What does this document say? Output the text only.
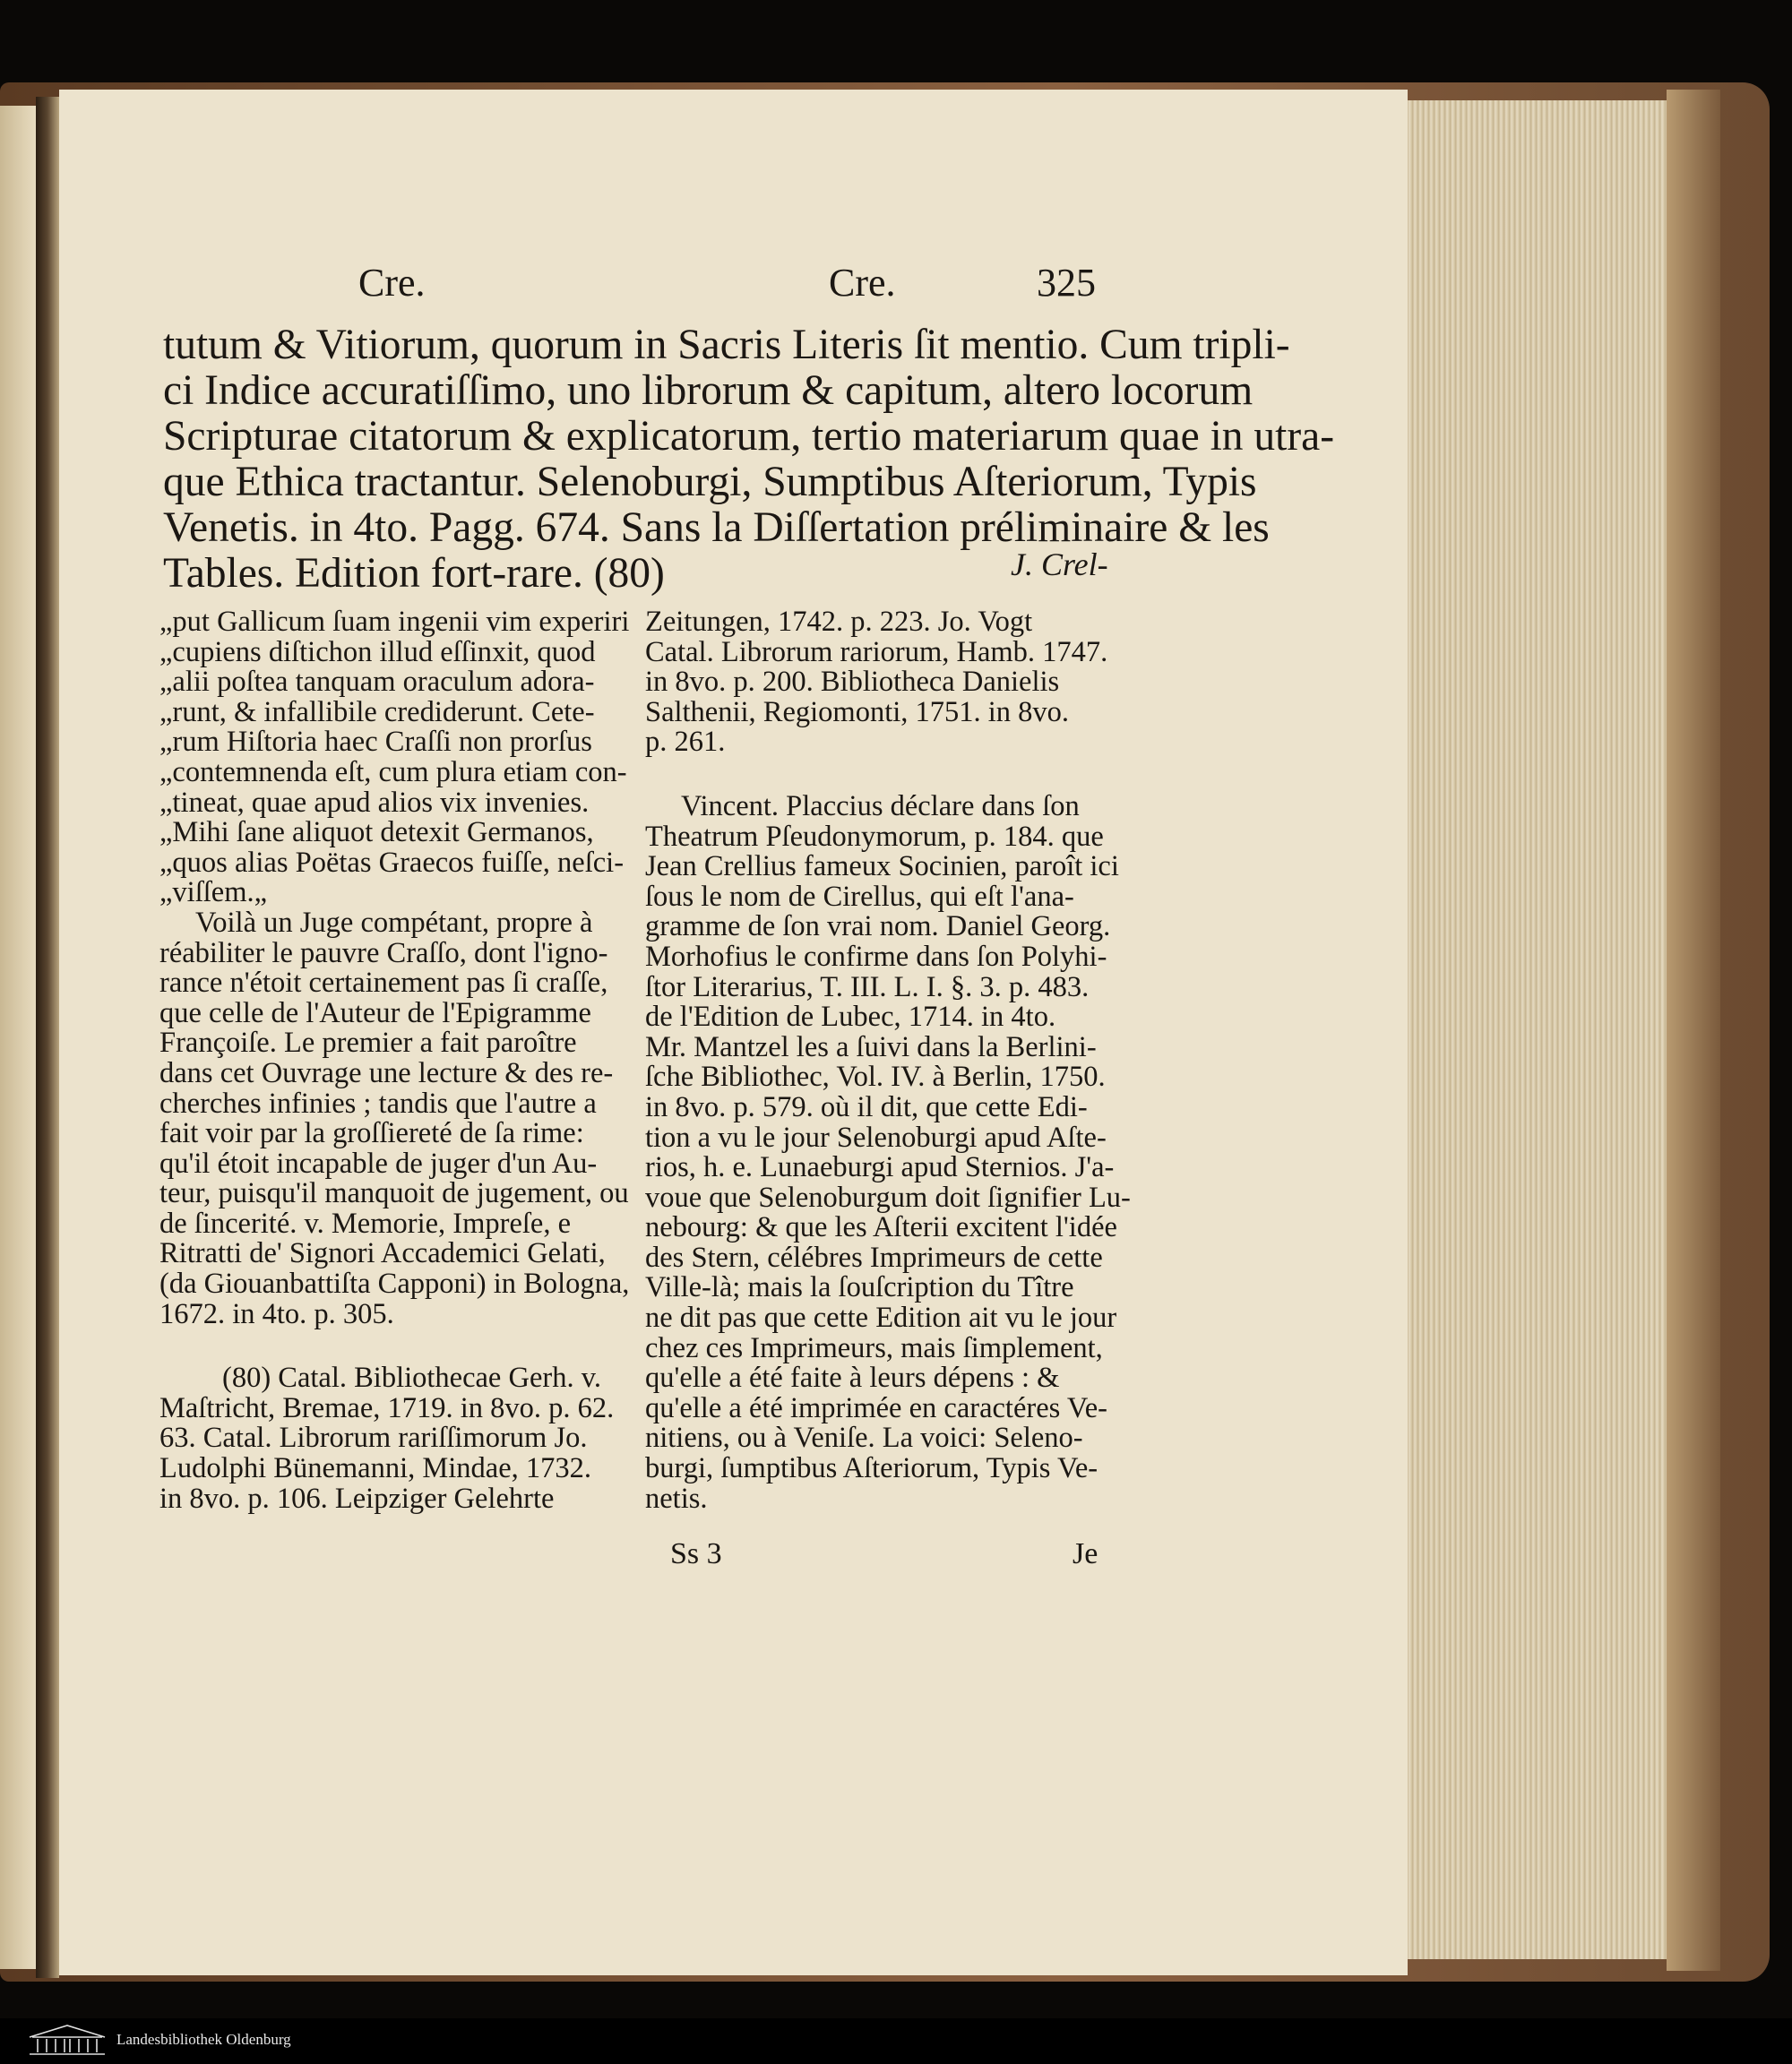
Cre.	Cre.	325
tutum & Vitiorum, quorum in Sacris Literis ſit mentio. Cum tripli-
ci Indice accuratiſſimo, uno librorum & capitum, altero locorum
Scripturae citatorum & explicatorum, tertio materiarum quae in utra-
que Ethica tractantur. Selenoburgi, Sumptibus Aſteriorum, Typis
Venetis. in 4to. Pagg. 674. Sans la Diſſertation préliminaire & les
Tables. Edition fort-rare. (80)	J. Crel-
„put Gallicum ſuam ingenii vim experiri
„cupiens diſtichon illud eſſinxit, quod
„alii poſtea tanquam oraculum adora-
„runt, & infallibile crediderunt. Cete-
„rum Hiſtoria haec Craſſi non prorſus
„contemnenda eſt, cum plura etiam con-
„tineat, quae apud alios vix invenies.
„Mihi ſane aliquot detexit Germanos,
„quos alias Poëtas Graecos fuiſſe, neſci-
„viſſem.„
Voilà un Juge compétant, propre à
réabiliter le pauvre Craſſo, dont l'igno-
rance n'étoit certainement pas ſi craſſe,
que celle de l'Auteur de l'Epigramme
Françoiſe. Le premier a fait paroître
dans cet Ouvrage une lecture & des re-
cherches infinies ; tandis que l'autre a
fait voir par la groſſiereté de ſa rime:
qu'il étoit incapable de juger d'un Au-
teur, puisqu'il manquoit de jugement, ou
de ſincerité. v. Memorie, Impreſe, e
Ritratti de' Signori Accademici Gelati,
(da Giouanbattiſta Capponi) in Bologna,
1672. in 4to. p. 305.
(80) Catal. Bibliothecae Gerh. v.
Maſtricht, Bremae, 1719. in 8vo. p. 62.
63. Catal. Librorum rariſſimorum Jo.
Ludolphi Bünemanni, Mindae, 1732.
in 8vo. p. 106. Leipziger Gelehrte
Zeitungen, 1742. p. 223. Jo. Vogt
Catal. Librorum rariorum, Hamb. 1747.
in 8vo. p. 200. Bibliotheca Danielis
Salthenii, Regiomonti, 1751. in 8vo.
p. 261.
Vincent. Placcius déclare dans ſon
Theatrum Pſeudonymorum, p. 184. que
Jean Crellius fameux Socinien, paroît ici
ſous le nom de Cirellus, qui eſt l'ana-
gramme de ſon vrai nom. Daniel Georg.
Morhofius le confirme dans ſon Polyhi-
ſtor Literarius, T. III. L. I. §. 3. p. 483.
de l'Edition de Lubec, 1714. in 4to.
Mr. Mantzel les a ſuivi dans la Berlini-
ſche Bibliothec, Vol. IV. à Berlin, 1750.
in 8vo. p. 579. où il dit, que cette Edi-
tion a vu le jour Selenoburgi apud Aſte-
rios, h. e. Lunaeburgi apud Sternios. J'a-
voue que Selenoburgum doit ſignifier Lu-
nebourg: & que les Aſterii excitent l'idée
des Stern, célébres Imprimeurs de cette
Ville-là; mais la ſouſcription du Tître
ne dit pas que cette Edition ait vu le jour
chez ces Imprimeurs, mais ſimplement,
qu'elle a été faite à leurs dépens : &
qu'elle a été imprimée en caractéres Ve-
nitiens, ou à Veniſe. La voici: Seleno-
burgi, ſumptibus Aſteriorum, Typis Ve-
netis.
Ss 3	Je
Landesbibliothek Oldenburg
